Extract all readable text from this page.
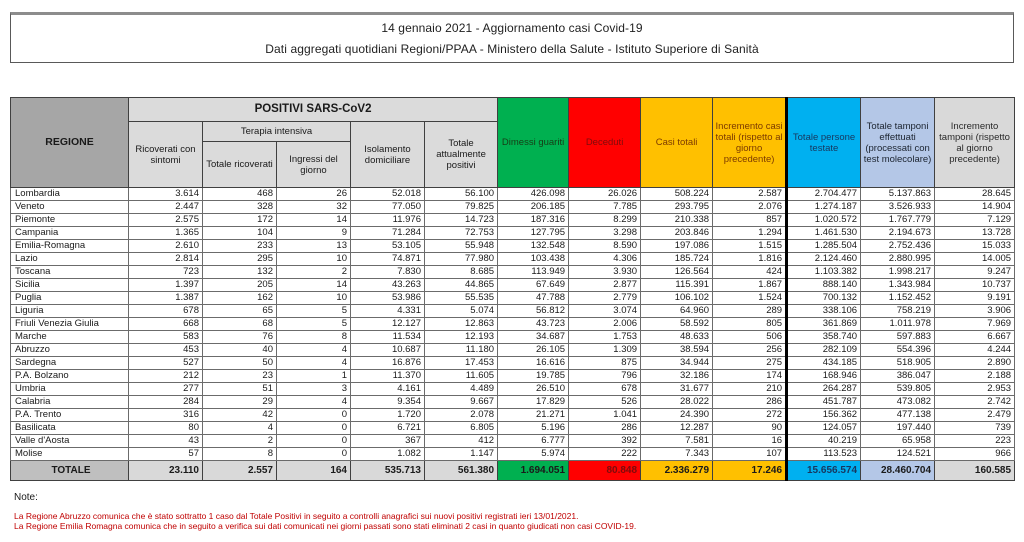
14 gennaio 2021 - Aggiornamento casi Covid-19
Dati aggregati quotidiani Regioni/PPAA - Ministero della Salute - Istituto Superiore di Sanità
REGIONE	POSITIVI SARS-CoV2					Dimessi guariti	Deceduti	Casi totali	Incremento casi totali (rispetto al giorno precedente)	Totale persone testate	Totale tamponi effettuati (processati con test molecolare)	Incremento tamponi (rispetto al giorno precedente)
	Ricoverati con sintomi	Terapia intensiva		Isolamento domiciliare	Totale attualmente positivi							
		Totale ricoverati	Ingressi del giorno									
Lombardia	3.614	468	26	52.018	56.100	426.098	26.026	508.224	2.587	2.704.477	5.137.863	28.645
Veneto	2.447	328	32	77.050	79.825	206.185	7.785	293.795	2.076	1.274.187	3.526.933	14.904
Piemonte	2.575	172	14	11.976	14.723	187.316	8.299	210.338	857	1.020.572	1.767.779	7.129
Campania	1.365	104	9	71.284	72.753	127.795	3.298	203.846	1.294	1.461.530	2.194.673	13.728
Emilia-Romagna	2.610	233	13	53.105	55.948	132.548	8.590	197.086	1.515	1.285.504	2.752.436	15.033
Lazio	2.814	295	10	74.871	77.980	103.438	4.306	185.724	1.816	2.124.460	2.880.995	14.005
Toscana	723	132	2	7.830	8.685	113.949	3.930	126.564	424	1.103.382	1.998.217	9.247
Sicilia	1.397	205	14	43.263	44.865	67.649	2.877	115.391	1.867	888.140	1.343.984	10.737
Puglia	1.387	162	10	53.986	55.535	47.788	2.779	106.102	1.524	700.132	1.152.452	9.191
Liguria	678	65	5	4.331	5.074	56.812	3.074	64.960	289	338.106	758.219	3.906
Friuli Venezia Giulia	668	68	5	12.127	12.863	43.723	2.006	58.592	805	361.869	1.011.978	7.969
Marche	583	76	8	11.534	12.193	34.687	1.753	48.633	506	358.740	597.883	6.667
Abruzzo	453	40	4	10.687	11.180	26.105	1.309	38.594	256	282.109	554.396	4.244
Sardegna	527	50	4	16.876	17.453	16.616	875	34.944	275	434.185	518.905	2.890
P.A. Bolzano	212	23	1	11.370	11.605	19.785	796	32.186	174	168.946	386.047	2.188
Umbria	277	51	3	4.161	4.489	26.510	678	31.677	210	264.287	539.805	2.953
Calabria	284	29	4	9.354	9.667	17.829	526	28.022	286	451.787	473.082	2.742
P.A. Trento	316	42	0	1.720	2.078	21.271	1.041	24.390	272	156.362	477.138	2.479
Basilicata	80	4	0	6.721	6.805	5.196	286	12.287	90	124.057	197.440	739
Valle d'Aosta	43	2	0	367	412	6.777	392	7.581	16	40.219	65.958	223
Molise	57	8	0	1.082	1.147	5.974	222	7.343	107	113.523	124.521	966
TOTALE	23.110	2.557	164	535.713	561.380	1.694.051	80.848	2.336.279	17.246	15.656.574	28.460.704	160.585
Note:
La Regione Abruzzo comunica che è stato sottratto 1 caso dal Totale Positivi in seguito a controlli anagrafici sui nuovi positivi registrati ieri 13/01/2021.
La Regione Emilia Romagna comunica che in seguito a verifica sui dati comunicati nei giorni passati sono stati eliminati 2 casi in quanto giudicati non casi COVID-19.
